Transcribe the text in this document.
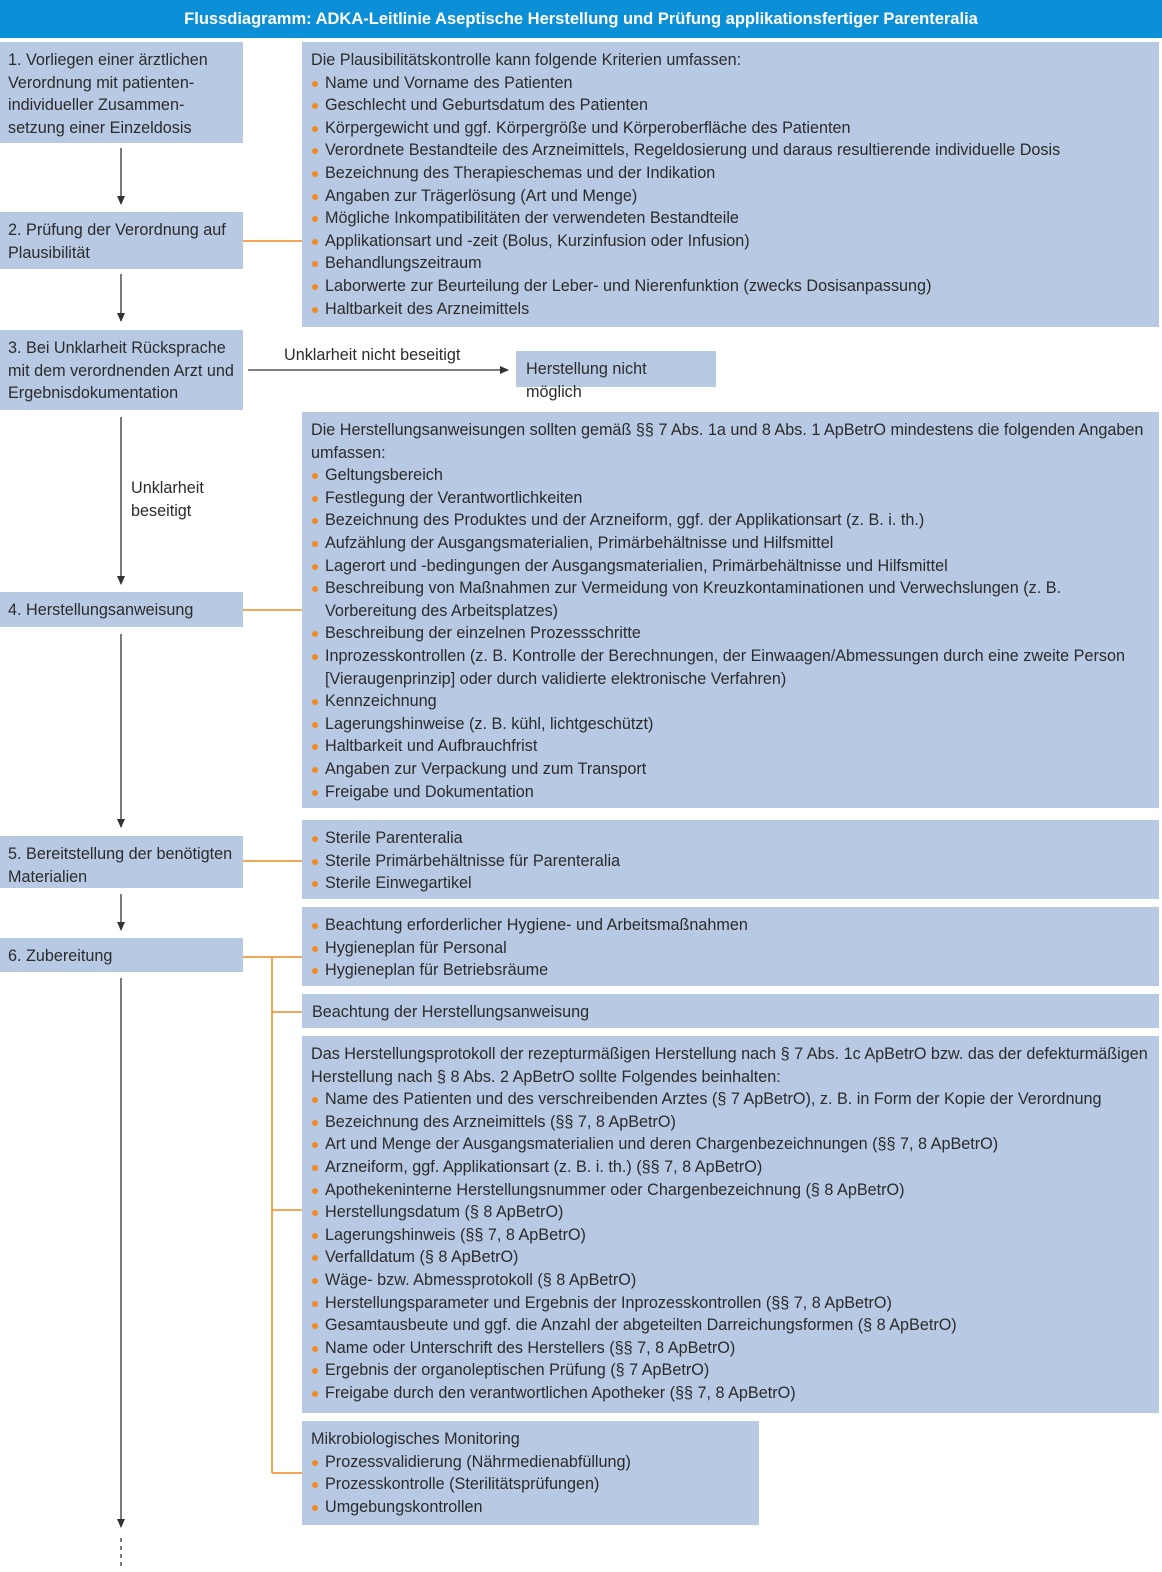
Flussdiagramm: ADKA-Leitlinie Aseptische Herstellung und Prüfung applikationsfertiger Parenteralia
1. Vorliegen einer ärztlichen Verordnung mit patienten-individueller Zusammen-setzung einer Einzeldosis
2. Prüfung der Verordnung auf Plausibilität
3. Bei Unklarheit Rücksprache mit dem verordnenden Arzt und Ergebnisdokumentation
4. Herstellungsanweisung
5. Bereitstellung der benötigten Materialien
6. Zubereitung
Unklarheit nicht beseitigt
Unklarheit beseitigt
Herstellung nicht möglich
Die Plausibilitätskontrolle kann folgende Kriterien umfassen:
Name und Vorname des Patienten
Geschlecht und Geburtsdatum des Patienten
Körpergewicht und ggf. Körpergröße und Körperoberfläche des Patienten
Verordnete Bestandteile des Arzneimittels, Regeldosierung und daraus resultierende individuelle Dosis
Bezeichnung des Therapieschemas und der Indikation
Angaben zur Trägerlösung (Art und Menge)
Mögliche Inkompatibilitäten der verwendeten Bestandteile
Applikationsart und -zeit (Bolus, Kurzinfusion oder Infusion)
Behandlungszeitraum
Laborwerte zur Beurteilung der Leber- und Nierenfunktion (zwecks Dosisanpassung)
Haltbarkeit des Arzneimittels
Die Herstellungsanweisungen sollten gemäß §§ 7 Abs. 1a und 8 Abs. 1 ApBetrO mindestens die folgenden Angaben umfassen:
Geltungsbereich
Festlegung der Verantwortlichkeiten
Bezeichnung des Produktes und der Arzneiform, ggf. der Applikationsart (z. B. i. th.)
Aufzählung der Ausgangsmaterialien, Primärbehältnisse und Hilfsmittel
Lagerort und -bedingungen der Ausgangsmaterialien, Primärbehältnisse und Hilfsmittel
Beschreibung von Maßnahmen zur Vermeidung von Kreuzkontaminationen und Verwechslungen (z. B. Vorbereitung des Arbeitsplatzes)
Beschreibung der einzelnen Prozessschritte
Inprozesskontrollen (z. B. Kontrolle der Berechnungen, der Einwaagen/Abmessungen durch eine zweite Person [Vieraugenprinzip] oder durch validierte elektronische Verfahren)
Kennzeichnung
Lagerungshinweise (z. B. kühl, lichtgeschützt)
Haltbarkeit und Aufbrauchfrist
Angaben zur Verpackung und zum Transport
Freigabe und Dokumentation
Sterile Parenteralia
Sterile Primärbehältnisse für Parenteralia
Sterile Einwegartikel
Beachtung erforderlicher Hygiene- und Arbeitsmaßnahmen
Hygieneplan für Personal
Hygieneplan für Betriebsräume
Beachtung der Herstellungsanweisung
Das Herstellungsprotokoll der rezepturmäßigen Herstellung nach § 7 Abs. 1c ApBetrO bzw. das der defekturmäßigen Herstellung nach § 8 Abs. 2 ApBetrO sollte Folgendes beinhalten:
Name des Patienten und des verschreibenden Arztes (§ 7 ApBetrO), z. B. in Form der Kopie der Verordnung
Bezeichnung des Arzneimittels (§§ 7, 8 ApBetrO)
Art und Menge der Ausgangsmaterialien und deren Chargenbezeichnungen (§§ 7, 8 ApBetrO)
Arzneiform, ggf. Applikationsart (z. B. i. th.) (§§ 7, 8 ApBetrO)
Apothekeninterne Herstellungsnummer oder Chargenbezeichnung (§ 8 ApBetrO)
Herstellungsdatum (§ 8 ApBetrO)
Lagerungshinweis (§§ 7, 8 ApBetrO)
Verfalldatum (§ 8 ApBetrO)
Wäge- bzw. Abmessprotokoll (§ 8 ApBetrO)
Herstellungsparameter und Ergebnis der Inprozesskontrollen (§§ 7, 8 ApBetrO)
Gesamtausbeute und ggf. die Anzahl der abgeteilten Darreichungsformen (§ 8 ApBetrO)
Name oder Unterschrift des Herstellers (§§ 7, 8 ApBetrO)
Ergebnis der organoleptischen Prüfung (§ 7 ApBetrO)
Freigabe durch den verantwortlichen Apotheker (§§ 7, 8 ApBetrO)
Mikrobiologisches Monitoring
Prozessvalidierung (Nährmedienabfüllung)
Prozesskontrolle (Sterilitätsprüfungen)
Umgebungskontrollen
